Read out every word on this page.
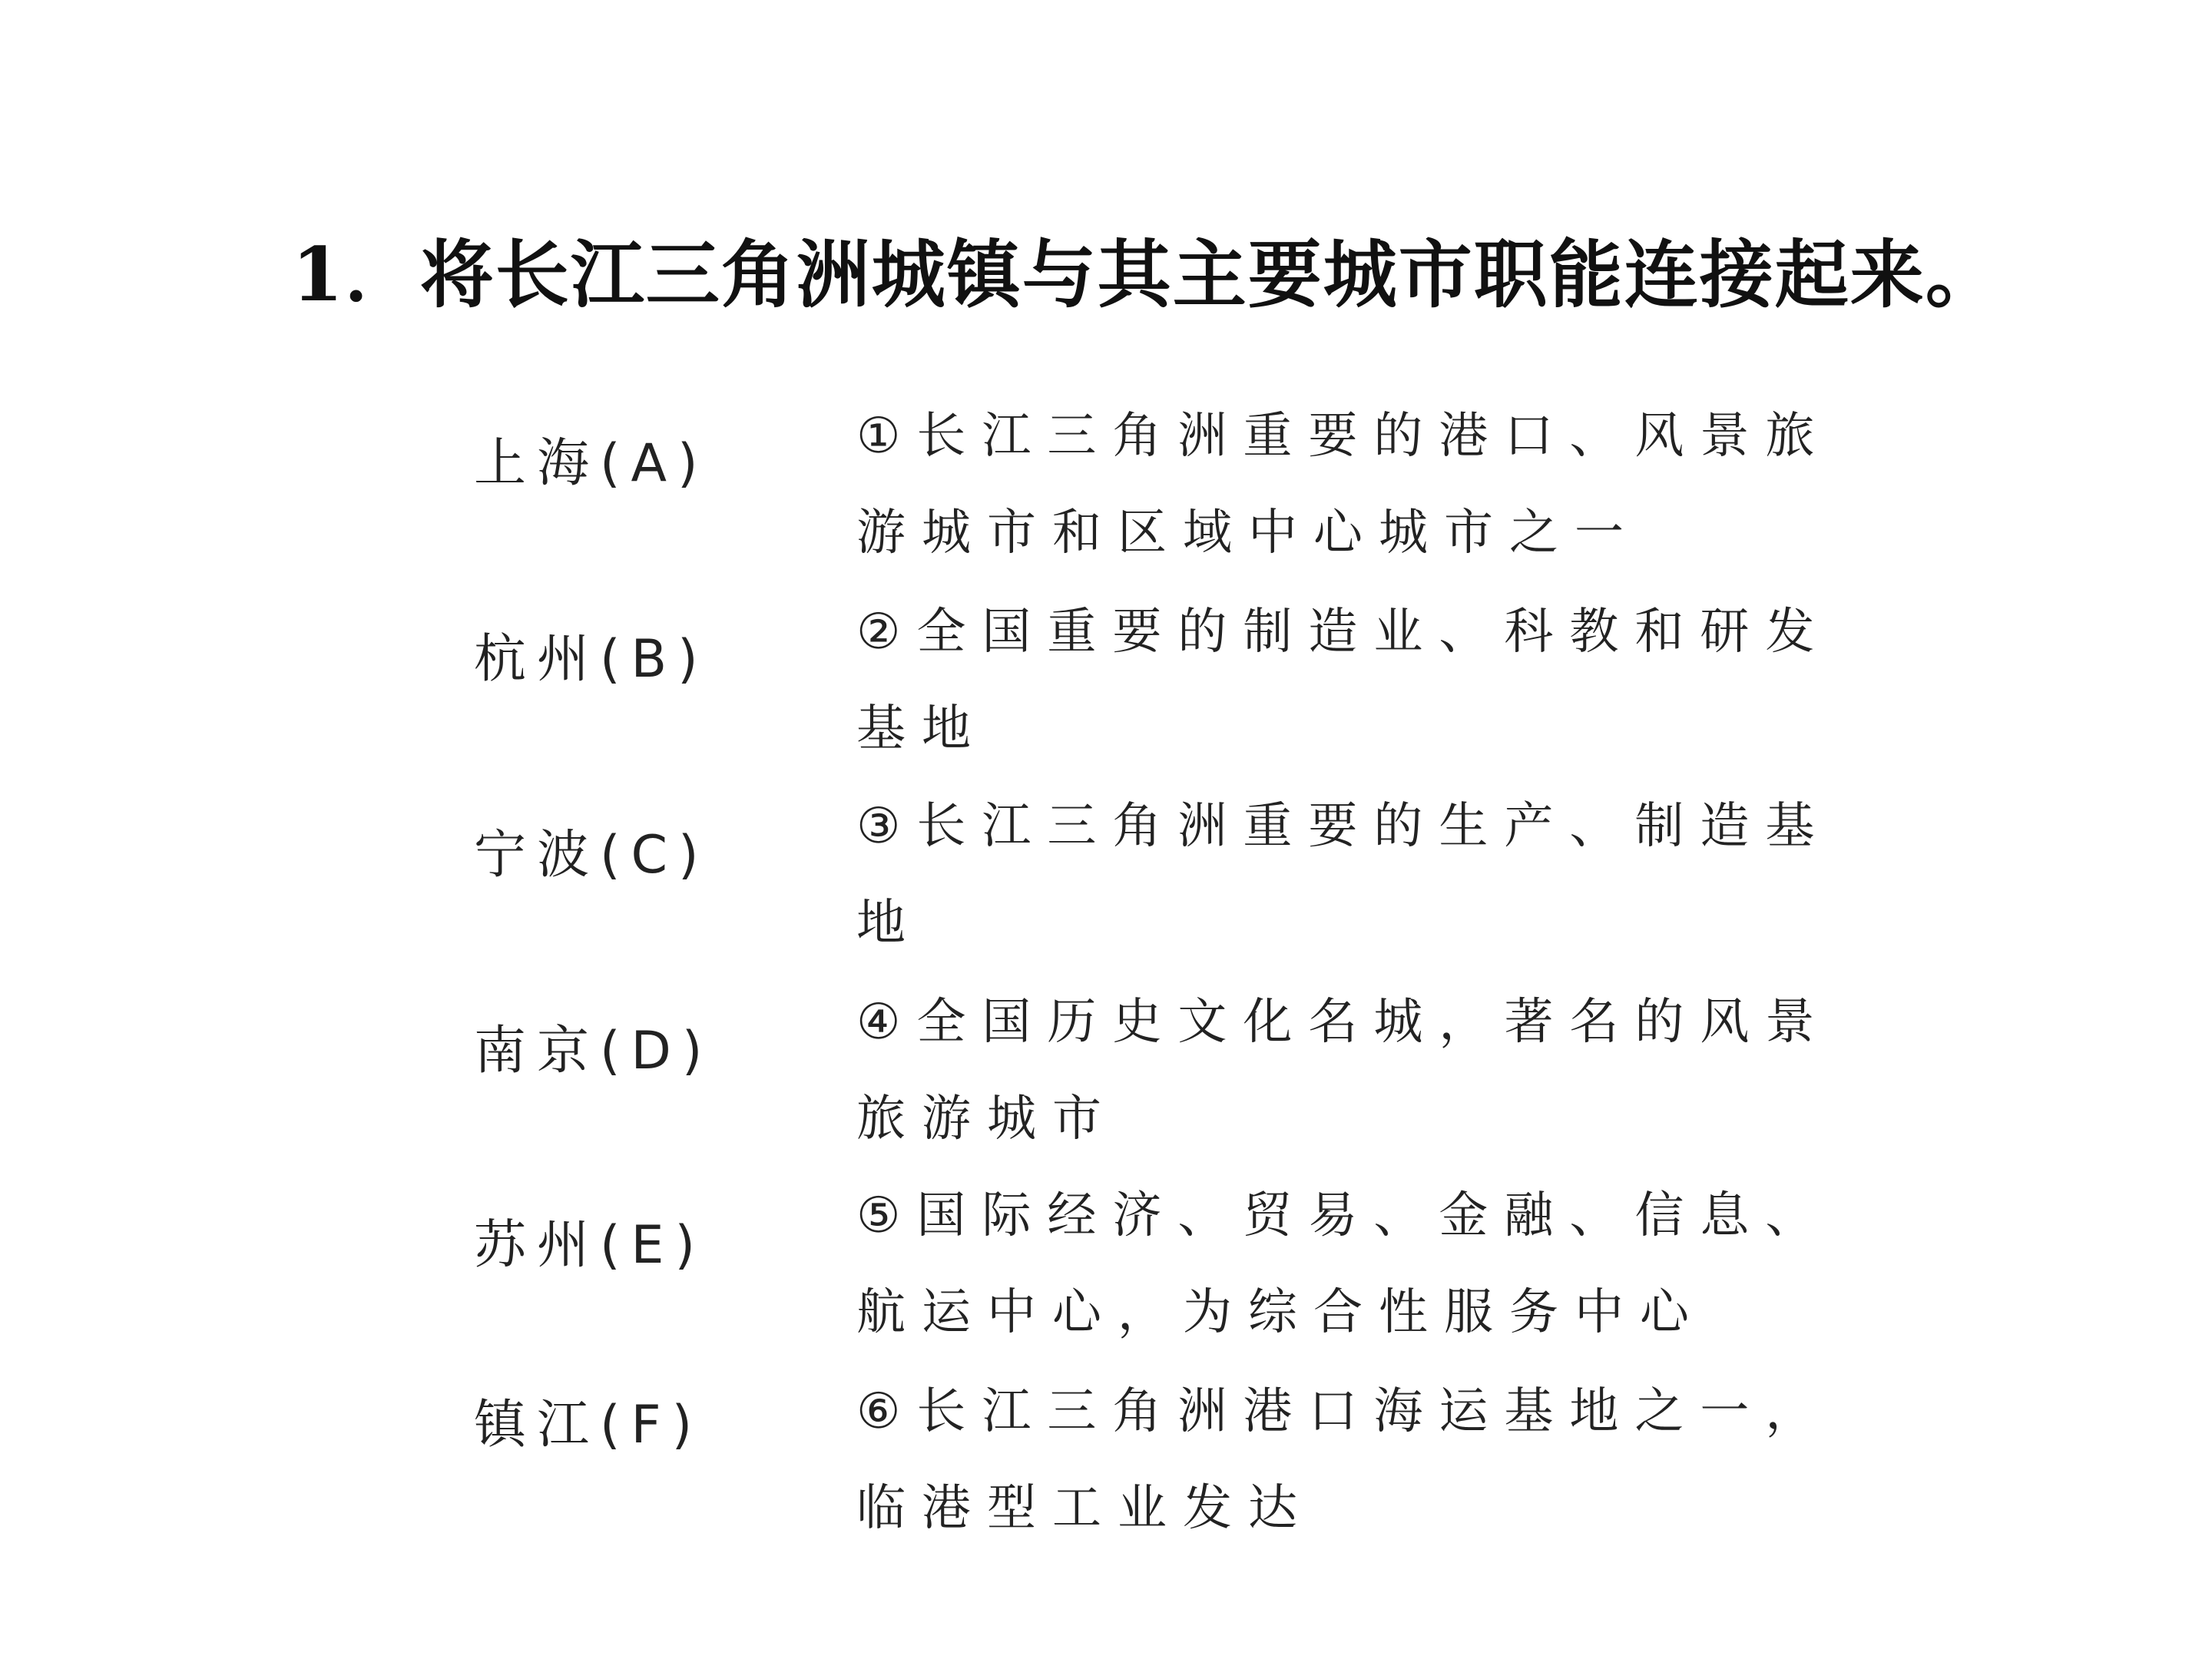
1．将长江三角洲城镇与其主要城市职能连接起来。
上海(A)
杭州(B)
宁波(C)
南京(D)
苏州(E)
镇江(F)
①长江三角洲重要的港口、风景旅游城市和区域中心城市之一
②全国重要的制造业、科教和研发基地
③长江三角洲重要的生产、制造基地
④全国历史文化名城，著名的风景旅游城市
⑤国际经济、贸易、金融、信息、航运中心，为综合性服务中心
⑥长江三角洲港口海运基地之一，临港型工业发达
